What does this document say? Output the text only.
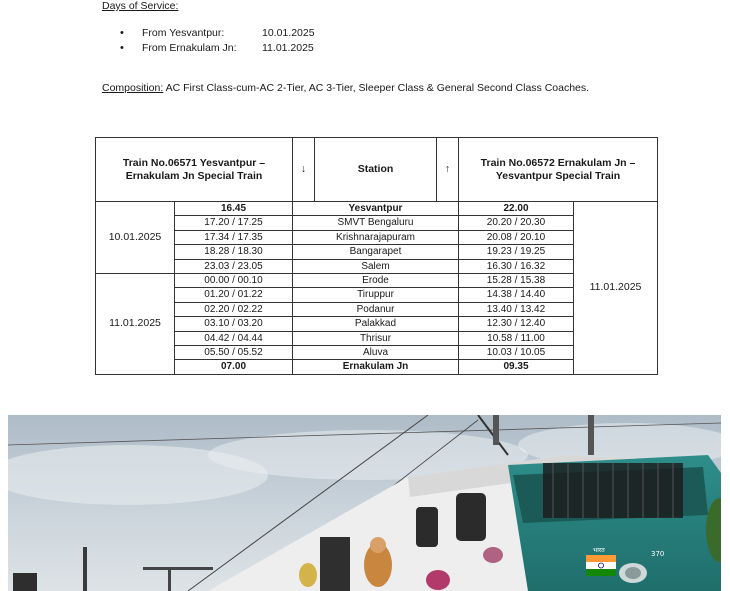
Days of Service:
• From Yesvantpur:	10.01.2025
• From Ernakulam Jn: 11.01.2025
Composition: AC First Class-cum-AC 2-Tier, AC 3-Tier, Sleeper Class & General Second Class Coaches.
Train No.06571 Yesvantpur – Ernakulam Jn Special Train		↓	Station	↑	Train No.06572 Ernakulam Jn – Yesvantpur Special Train	
10.01.2025	16.45	Yesvantpur			22.00	11.01.2025
	17.20 / 17.25	SMVT Bengaluru			20.20 / 20.30	
	17.34 / 17.35	Krishnarajapuram			20.08 / 20.10	
	18.28 / 18.30	Bangarapet			19.23 / 19.25	
	23.03 / 23.05	Salem			16.30 / 16.32	
11.01.2025	00.00 / 00.10	Erode			15.28 / 15.38	
	01.20 / 01.22	Tiruppur			14.38 / 14.40	
	02.20 / 02.22	Podanur			13.40 / 13.42	
	03.10 / 03.20	Palakkad			12.30 / 12.40	
	04.42 / 04.44	Thrisur			10.58 / 11.00	
	05.50 / 05.52	Aluva			10.03 / 10.05	
	07.00	Ernakulam Jn			09.35	
भारत	370
